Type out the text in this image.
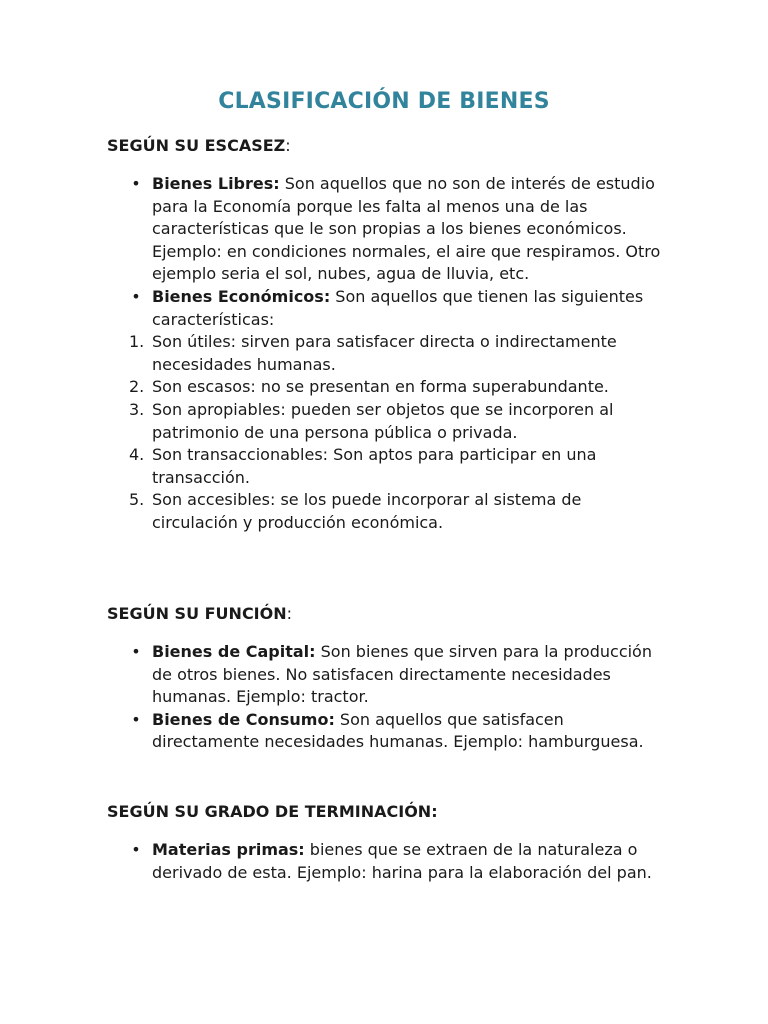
CLASIFICACIÓN DE BIENES

SEGÚN SU ESCASEZ:

• Bienes Libres: Son aquellos que no son de interés de estudio para la Economía porque les falta al menos una de las características que le son propias a los bienes económicos. Ejemplo: en condiciones normales, el aire que respiramos. Otro ejemplo seria el sol, nubes, agua de lluvia, etc.
• Bienes Económicos: Son aquellos que tienen las siguientes características:
1. Son útiles: sirven para satisfacer directa o indirectamente necesidades humanas.
2. Son escasos: no se presentan en forma superabundante.
3. Son apropiables: pueden ser objetos que se incorporen al patrimonio de una persona pública o privada.
4. Son transaccionables: Son aptos para participar en una transacción.
5. Son accesibles: se los puede incorporar al sistema de circulación y producción económica.

SEGÚN SU FUNCIÓN:

• Bienes de Capital: Son bienes que sirven para la producción de otros bienes. No satisfacen directamente necesidades humanas. Ejemplo: tractor.
• Bienes de Consumo: Son aquellos que satisfacen directamente necesidades humanas. Ejemplo: hamburguesa.

SEGÚN SU GRADO DE TERMINACIÓN:

• Materias primas: bienes que se extraen de la naturaleza o derivado de esta. Ejemplo: harina para la elaboración del pan.
